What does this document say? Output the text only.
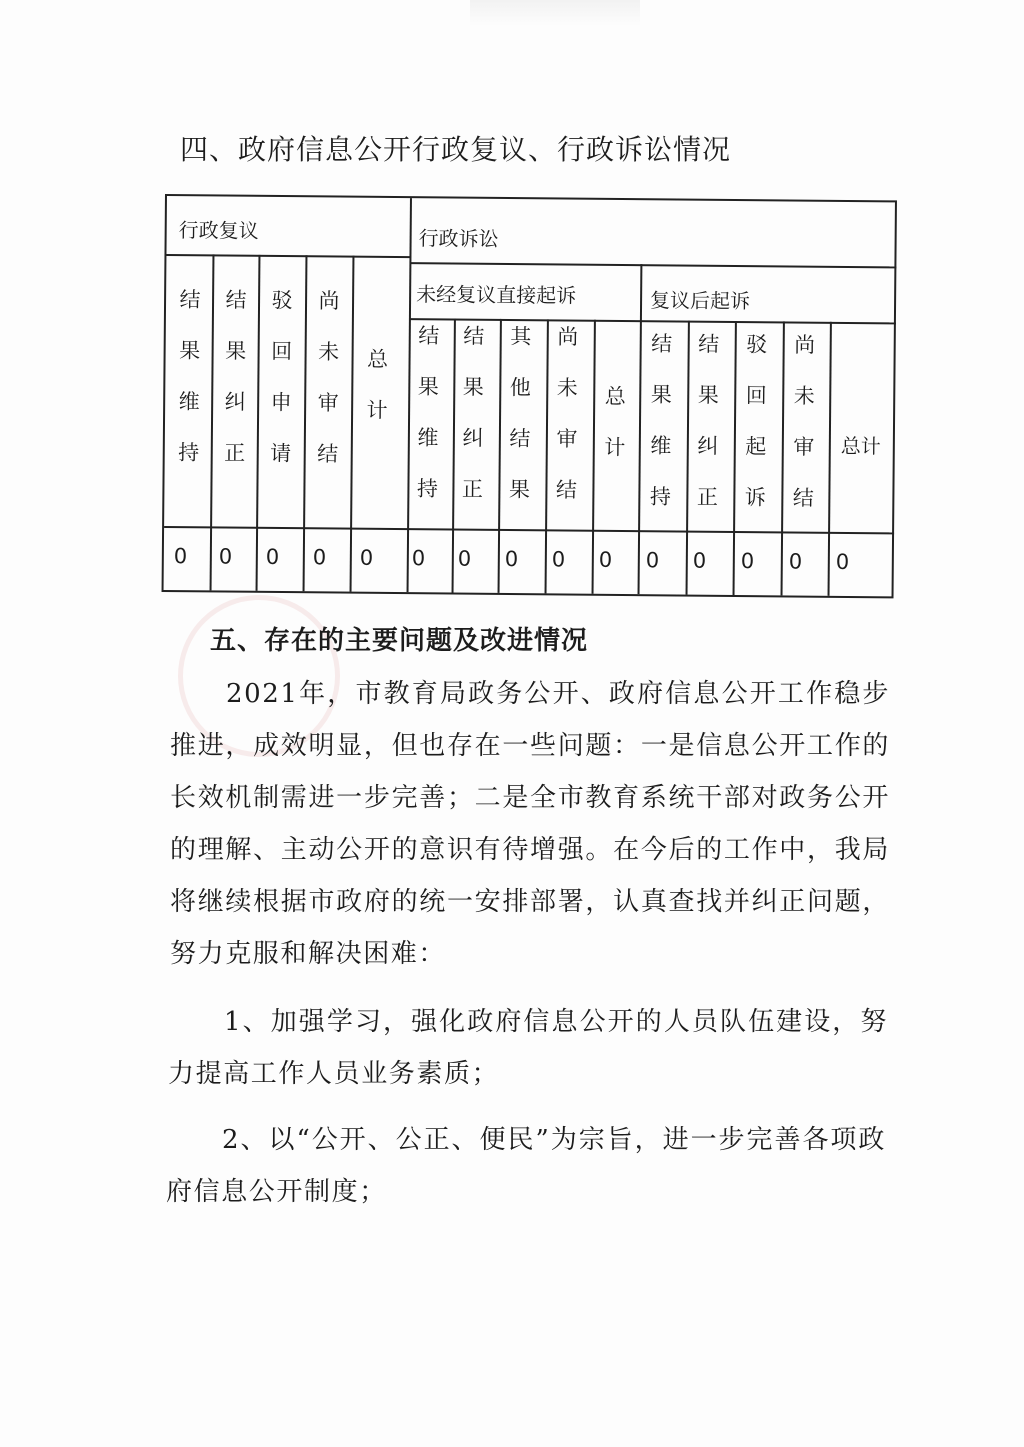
四、政府信息公开行政复议、行政诉讼情况
行政复议	行政诉讼
未经复议直接起诉	复议后起诉
结果维持 结果纠正 驳回申请 尚未审结 总计 结果维持 结果纠正 其他结果 尚未审结 总计 结果维持 结果纠正 驳回起诉 尚未审结 总计
0 0 0 0 0 0 0 0 0 0 0 0 0 0 0
五、存在的主要问题及改进情况

2021年，市教育局政务公开、政府信息公开工作稳步推进，成效明显，但也存在一些问题：一是信息公开工作的长效机制需进一步完善；二是全市教育系统干部对政务公开的理解、主动公开的意识有待增强。在今后的工作中，我局将继续根据市政府的统一安排部署，认真查找并纠正问题，努力克服和解决困难：

1、加强学习，强化政府信息公开的人员队伍建设，努力提高工作人员业务素质；

2、以“公开、公正、便民”为宗旨，进一步完善各项政府信息公开制度；
